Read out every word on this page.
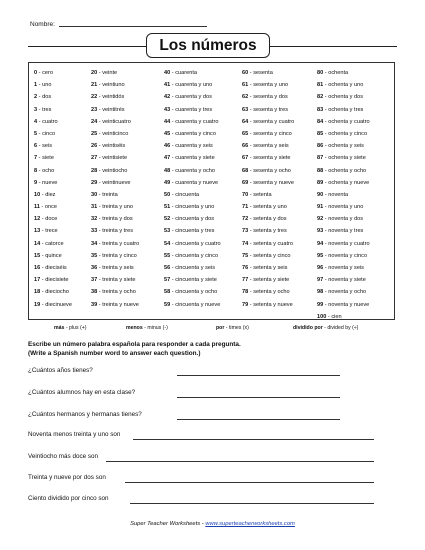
Nombre:
Los números
0 - cero
1 - uno
2 - dos
3 - tres
4 - cuatro
5 - cinco
6 - seis
7 - siete
8 - ocho
9 - nueve
10 - diez
11 - once
12 - doce
13 - trece
14 - catorce
15 - quince
16 - dieciséis
17 - diecisiete
18 - dieciocho
19 - diecinueve
20 - veinte
21 - veintiuno
22 - veintidós
23 - veintitrés
24 - veinticuatro
25 - veinticinco
26 - veintiséis
27 - veintisiete
28 - veintiocho
29 - veintinueve
30 - treinta
31 - treinta y uno
32 - treinta y dos
33 - treinta y tres
34 - treinta y cuatro
35 - treinta y cinco
36 - treinta y seis
37 - treinta y siete
38 - treinta y ocho
39 - treinta y nueve
40 - cuarenta
41 - cuarenta y uno
42 - cuarenta y dos
43 - cuarenta y tres
44 - cuarenta y cuatro
45 - cuarenta y cinco
46 - cuarenta y seis
47 - cuarenta y siete
48 - cuarenta y ocho
49 - cuarenta y nueve
50 - cincuenta
51 - cincuenta y uno
52 - cincuenta y dos
53 - cincuenta y tres
54 - cincuenta y cuatro
55 - cincuenta y cinco
56 - cincuenta y seis
57 - cincuenta y siete
58 - cincuenta y ocho
59 - cincuenta y nueve
60 - sesenta
61 - sesenta y uno
62 - sesenta y dos
63 - sesenta y tres
64 - sesenta y cuatro
65 - sesenta y cinco
66 - sesenta y seis
67 - sesenta y siete
68 - sesenta y ocho
69 - sesenta y nueve
70 - setenta
71 - setenta y uno
72 - setenta y dos
73 - setenta y tres
74 - setenta y cuatro
75 - setenta y cinco
76 - setenta y seis
77 - setenta y siete
78 - setenta y ocho
79 - setenta y nueve
80 - ochenta
81 - ochenta y uno
82 - ochenta y dos
83 - ochenta y tres
84 - ochenta y cuatro
85 - ochenta y cinco
86 - ochenta y seis
87 - ochenta y siete
88 - ochenta y ocho
89 - ochenta y nueve
90 - noventa
91 - noventa y uno
92 - noventa y dos
93 - noventa y tres
94 - noventa y cuatro
95 - noventa y cinco
96 - noventa y seis
97 - noventa y siete
98 - noventa y ocho
99 - noventa y nueve
100 - cien
más - plus (+)	menos - minus (-)	por - times (x)	dividido por - divided by (÷)
Escribe un número palabra española para responder a cada pregunta.
(Write a Spanish number word to answer each question.)
¿Cuántos años tienes?
¿Cuántos alumnos hay en esta clase?
¿Cuántos hermanos y hermanas tienes?
Noventa menos treinta y uno son
Veintiocho más doce son
Treinta y nueve por dos son
Ciento dividido por cinco son
Super Teacher Worksheets - www.superteacherworksheets.com
